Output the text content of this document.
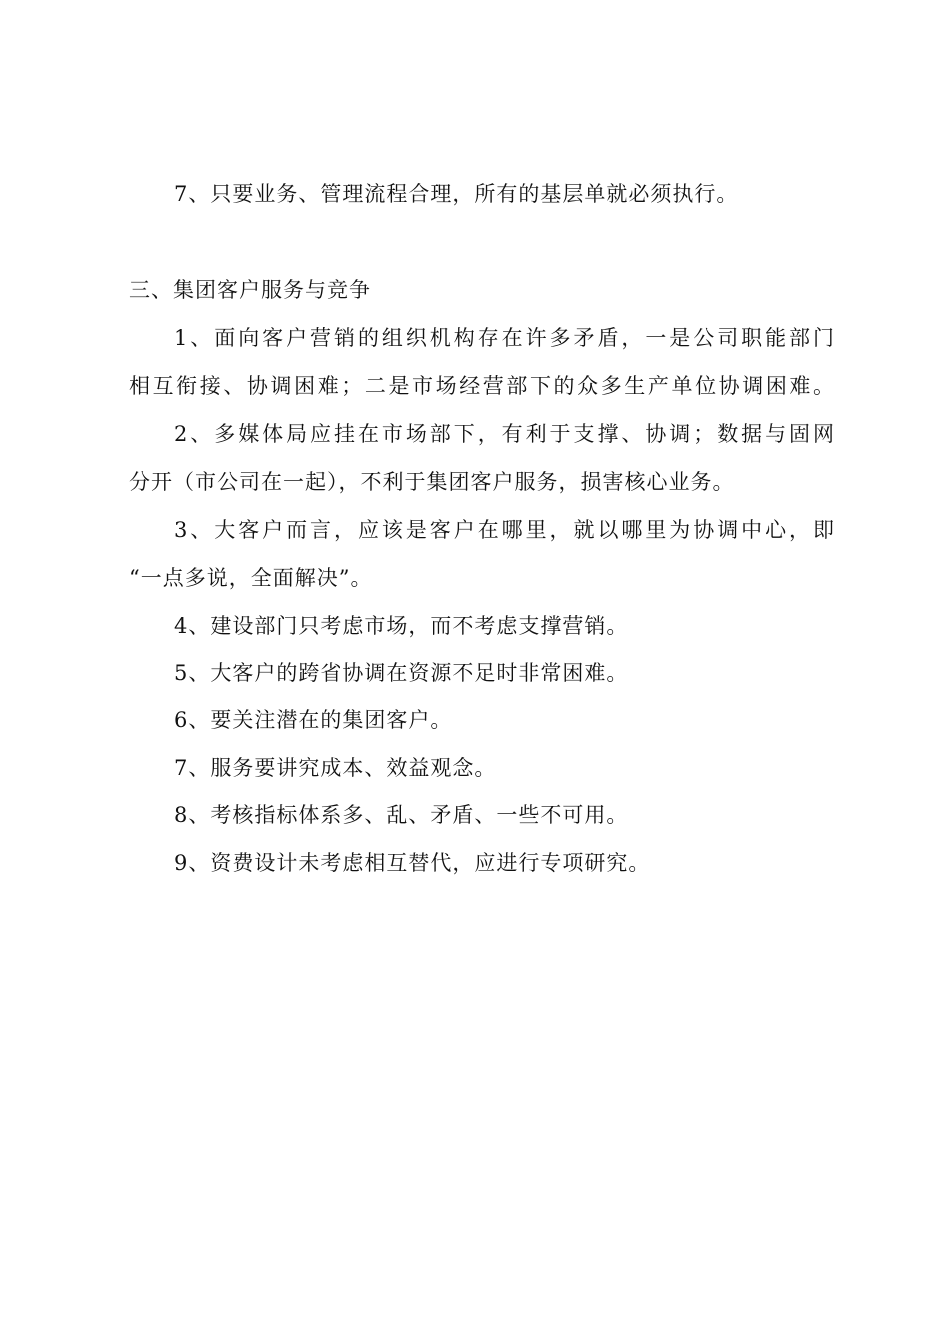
7、只要业务、管理流程合理，所有的基层单就必须执行。
三、集团客户服务与竞争
1、面向客户营销的组织机构存在许多矛盾，一是公司职能部门
相互衔接、协调困难；二是市场经营部下的众多生产单位协调困难。
2、多媒体局应挂在市场部下，有利于支撑、协调；数据与固网
分开（市公司在一起），不利于集团客户服务，损害核心业务。
3、大客户而言，应该是客户在哪里，就以哪里为协调中心，即
“一点多说，全面解决”。
4、建设部门只考虑市场，而不考虑支撑营销。
5、大客户的跨省协调在资源不足时非常困难。
6、要关注潜在的集团客户。
7、服务要讲究成本、效益观念。
8、考核指标体系多、乱、矛盾、一些不可用。
9、资费设计未考虑相互替代，应进行专项研究。
